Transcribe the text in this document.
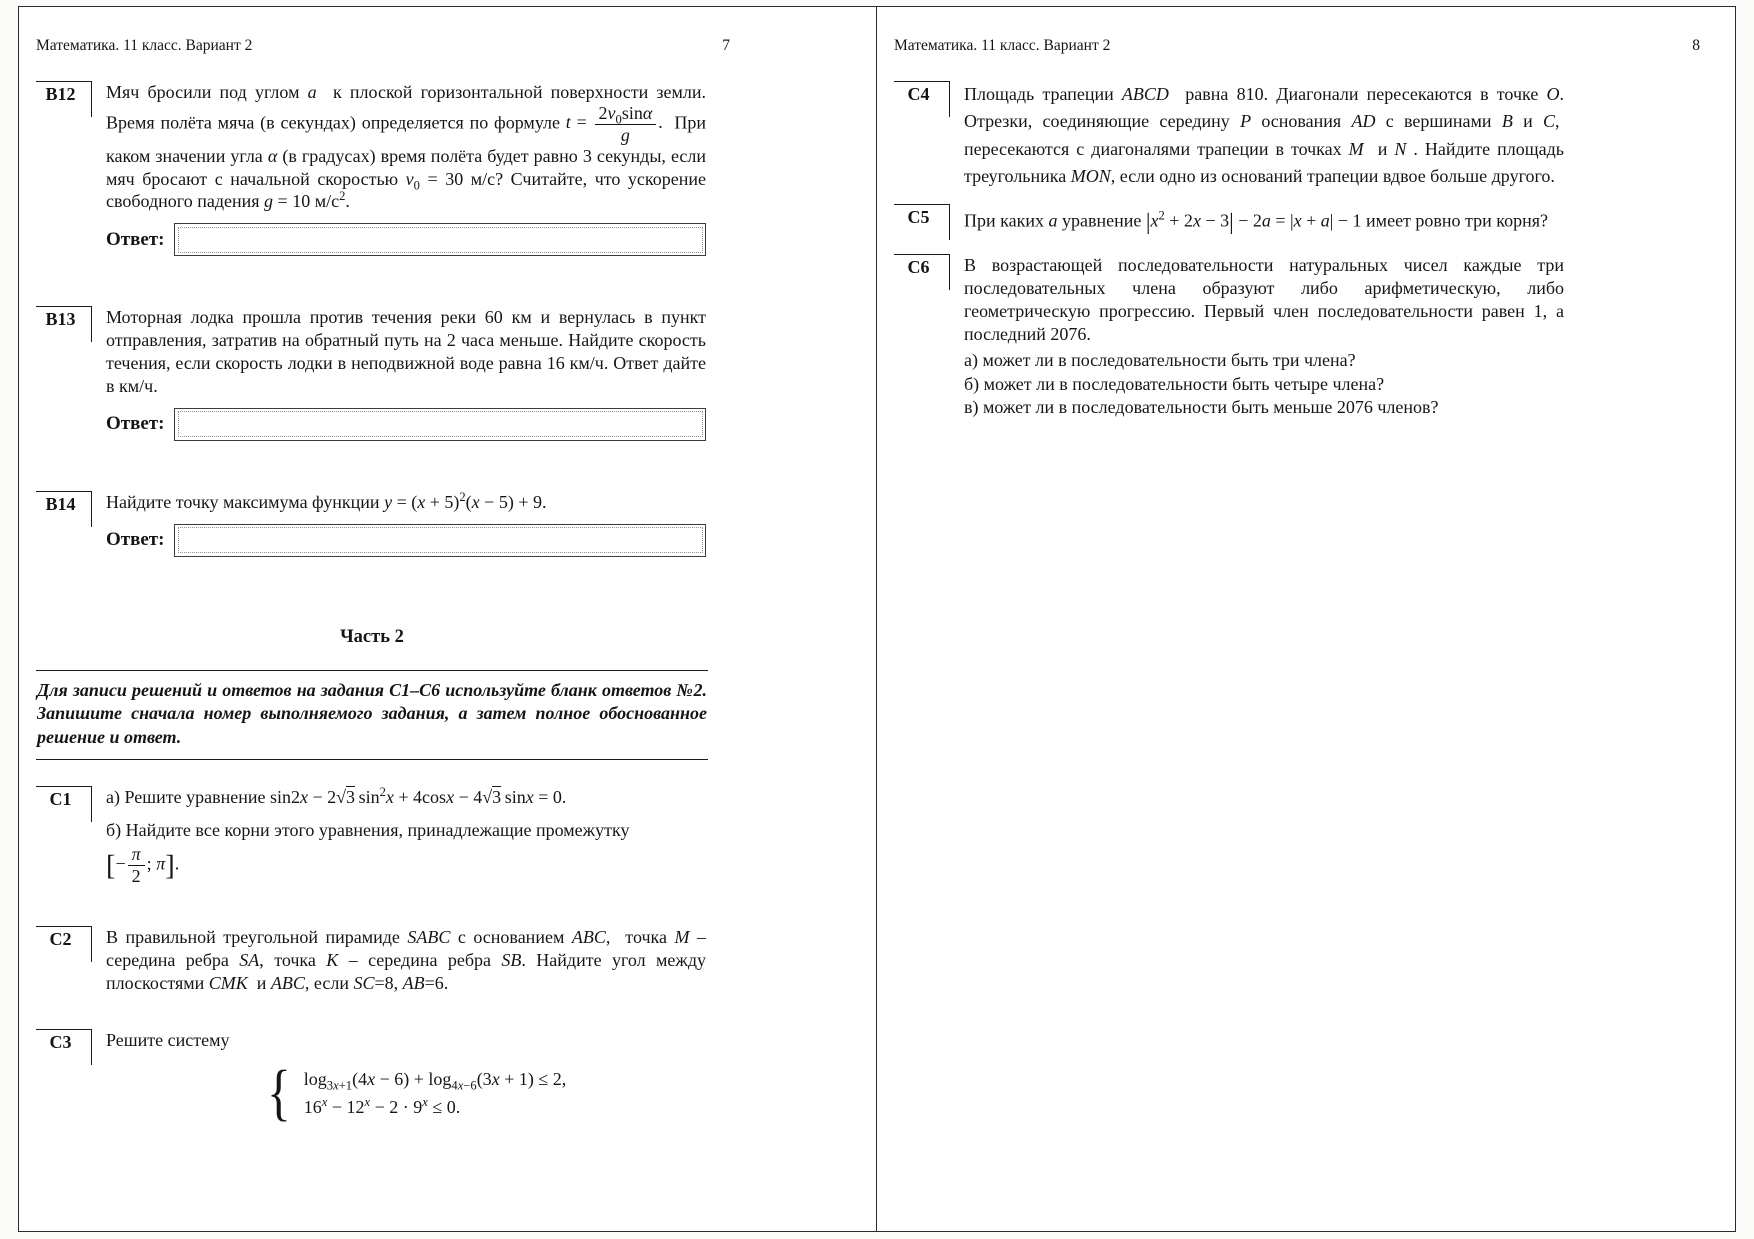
Математика. 11 класс. Вариант 2	7
В12	Мяч бросили под углом a  к плоской горизонтальной поверхности земли. Время полёта мяча (в секундах) определяется по формуле $t = \frac{2v_0\sin\alpha}{g}$ .  При каком значении угла α (в градусах) время полёта будет равно 3 секунды, если мяч бросают с начальной скоростью $v_0 = 30$ м/с? Считайте, что ускорение свободного падения g = 10 $м/с^2$.

Ответ:
В13	Моторная лодка прошла против течения реки 60 км и вернулась в пункт отправления, затратив на обратный путь на 2 часа меньше. Найдите скорость течения, если скорость лодки в неподвижной воде равна 16 км/ч. Ответ дайте в км/ч.

Ответ:
В14	Найдите точку максимума функции $y = (x + 5)^2(x - 5) + 9$.

Ответ:
Часть 2

Для записи решений и ответов на задания С1–С6 используйте бланк ответов №2. Запишите сначала номер выполняемого задания, а затем полное обоснованное решение и ответ.

С1	а) Решите уравнение sin2x − 2√3 $\sin^2x + 4\cos x - 4√3$ sinx = 0.

б) Найдите все корни этого уравнения, принадлежащие промежутку
[− $\frac{\pi}{2}$ ; π].

С2	В правильной треугольной пирамиде SABC с основанием ABC,  точка M – середина ребра SA, точка K – середина ребра SB. Найдите угол между плоскостями CMK  и ABC, если SC=8, AB=6.

С3	Решите систему

{ $\log_{3x+1}(4x - 6) + \log_{4x-6}(3x + 1) \le 2$,
$16^x - 12^x - 2 \cdot 9^x \le 0$.
Математика. 11 класс. Вариант 2	8
С4	Площадь трапеции ABCD  равна 810. Диагонали пересекаются в точке O. Отрезки, соединяющие середину P основания AD с вершинами B и C,  пересекаются с диагоналями трапеции в точках M  и N . Найдите площадь треугольника MON, если одно из оснований трапеции вдвое больше другого.

С5	При каких a уравнение $|x^2 + 2x - 3| - 2a = |x + a| - 1$ имеет ровно три корня?

С6	В возрастающей последовательности натуральных чисел каждые три последовательных члена образуют либо арифметическую, либо геометрическую прогрессию. Первый член последовательности равен 1, а последний 2076.

а) может ли в последовательности быть три члена?

б) может ли в последовательности быть четыре члена?

в) может ли в последовательности быть меньше 2076 членов?
